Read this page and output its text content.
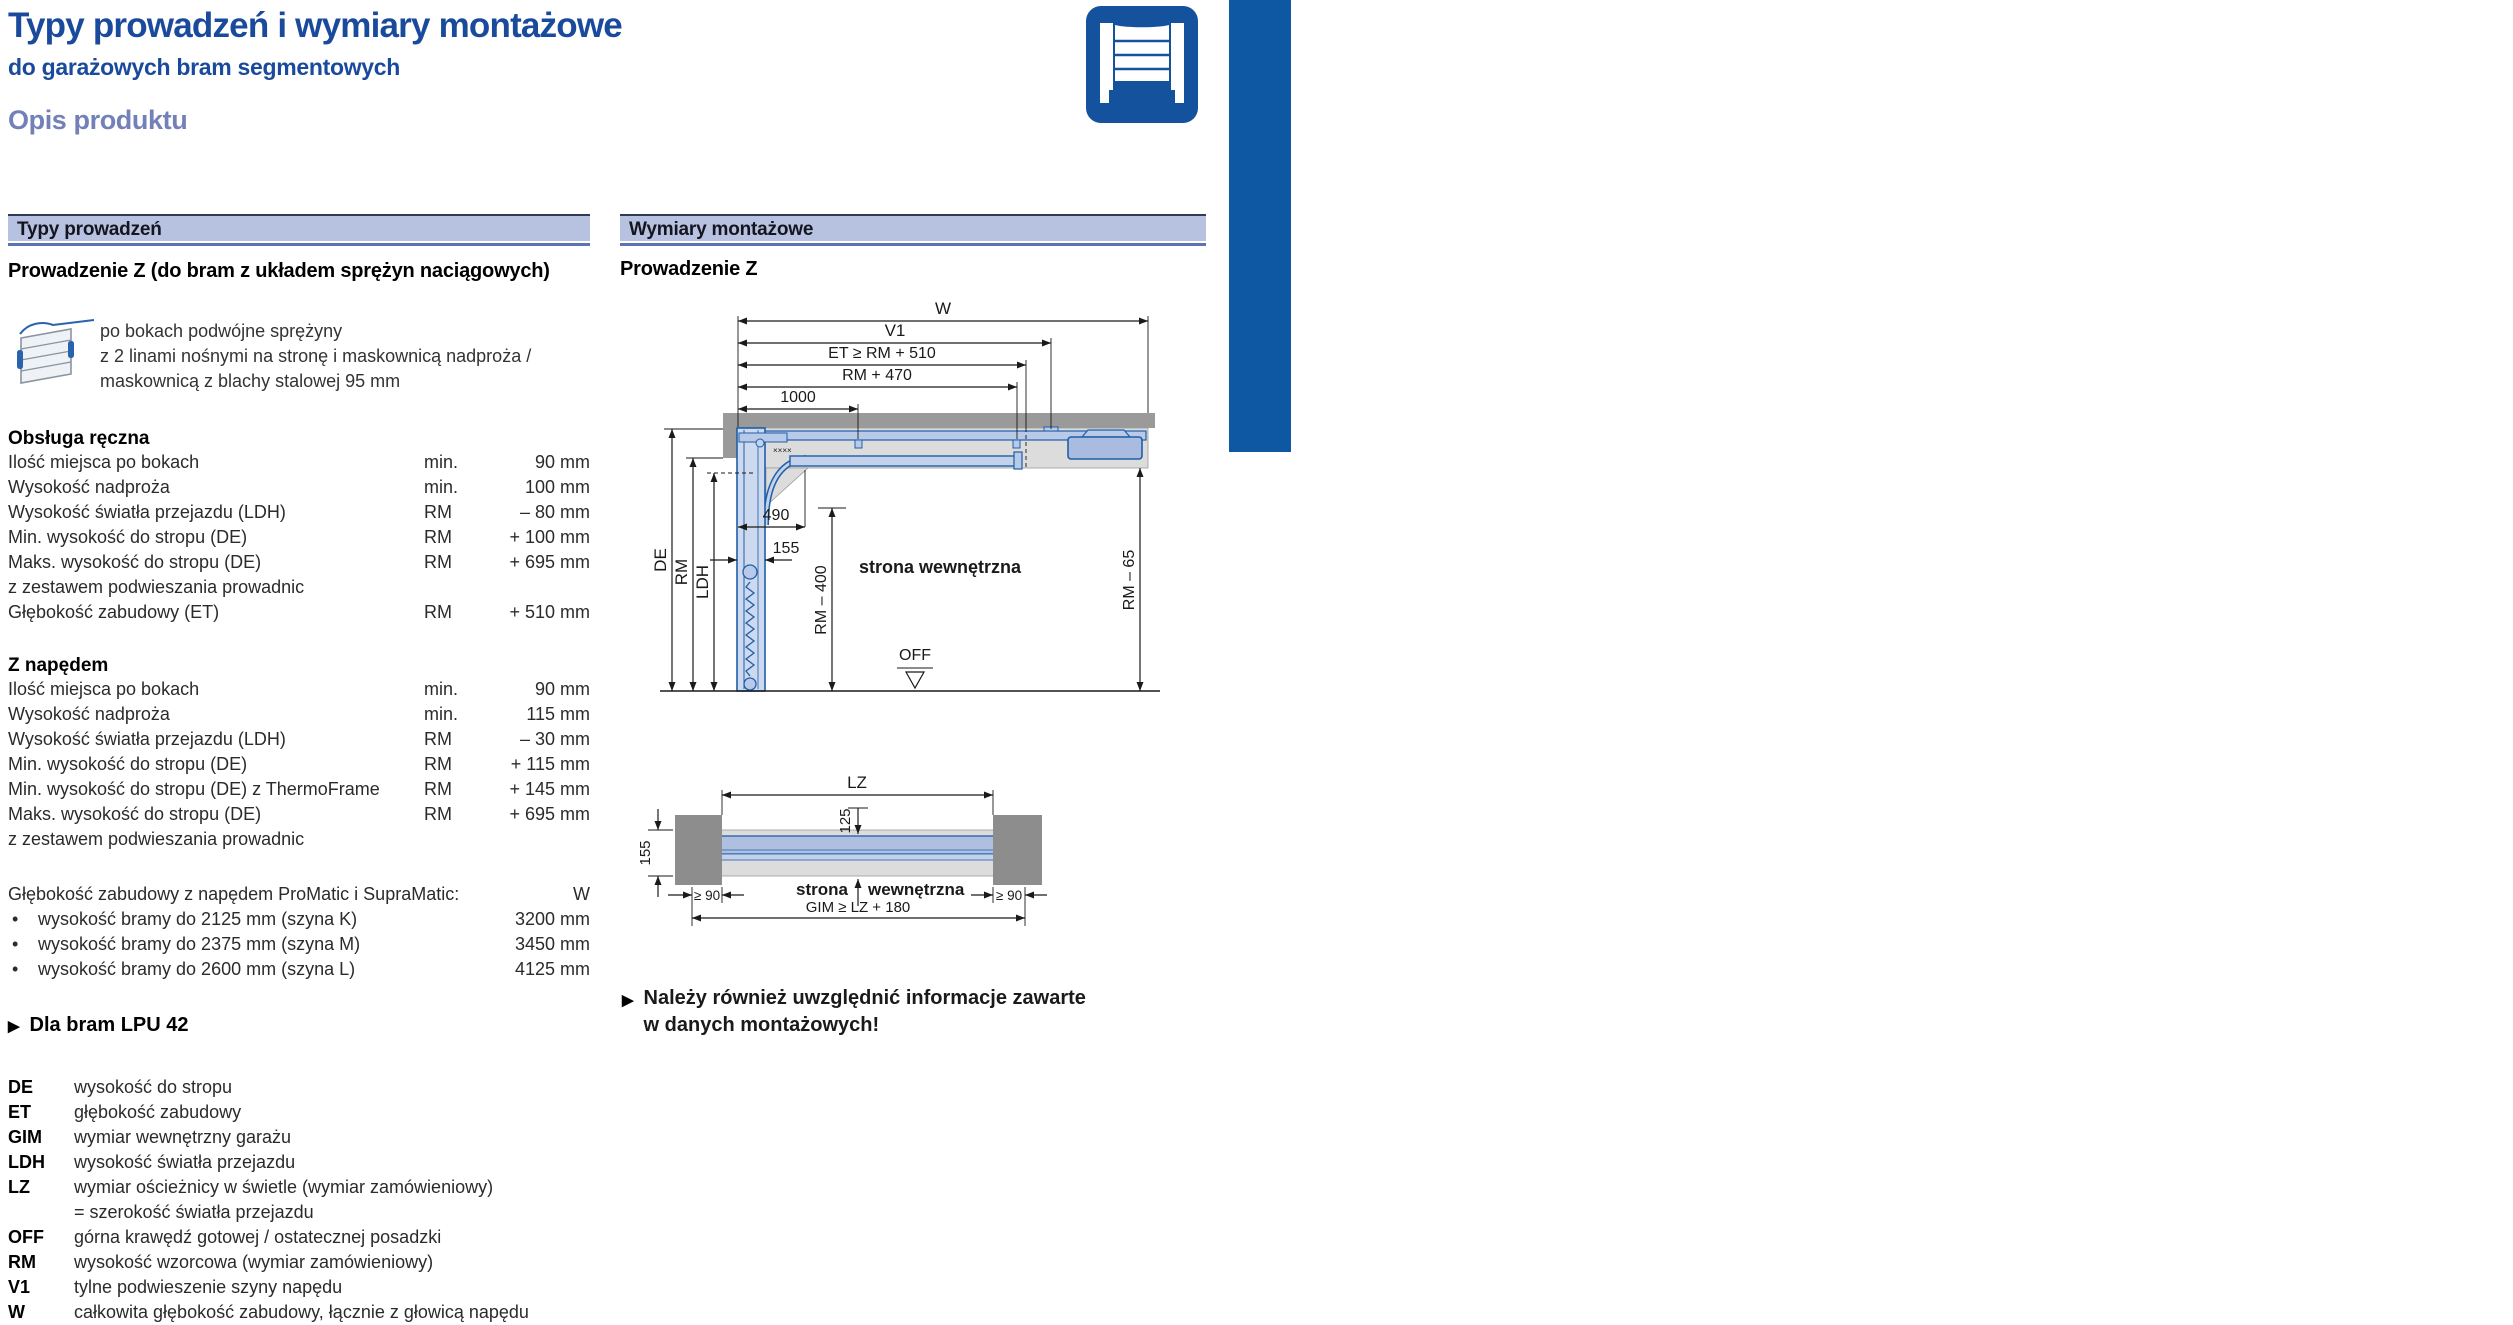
Typy prowadzeń i wymiary montażowe
do garażowych bram segmentowych
Opis produktu
Bramy segmentowe Grubość konstrukcji 42 mm
Typy prowadzeń
Prowadzenie Z (do bram z układem sprężyn naciągowych)
po bokach podwójne sprężyny
z 2 linami nośnymi na stronę i maskownicą nadproża /
maskownicą z blachy stalowej 95 mm
Obsługa ręczna
Ilość miejsca po bokach	min.	90 mm
Wysokość nadproża	min.	100 mm
Wysokość światła przejazdu (LDH)	RM	– 80 mm
Min. wysokość do stropu (DE)	RM	+ 100 mm
Maks. wysokość do stropu (DE)	RM	+ 695 mm
z zestawem podwieszania prowadnic
Głębokość zabudowy (ET)	RM	+ 510 mm
Z napędem
Ilość miejsca po bokach	min.	90 mm
Wysokość nadproża	min.	115 mm
Wysokość światła przejazdu (LDH)	RM	– 30 mm
Min. wysokość do stropu (DE)	RM	+ 115 mm
Min. wysokość do stropu (DE) z ThermoFrame	RM	+ 145 mm
Maks. wysokość do stropu (DE)	RM	+ 695 mm
z zestawem podwieszania prowadnic
Głębokość zabudowy z napędem ProMatic i SupraMatic:	W
•	wysokość bramy do 2125 mm (szyna K)	3200 mm
•	wysokość bramy do 2375 mm (szyna M)	3450 mm
•	wysokość bramy do 2600 mm (szyna L)	4125 mm
▶ Dla bram LPU 42
DE	wysokość do stropu
ET	głębokość zabudowy
GIM	wymiar wewnętrzny garażu
LDH	wysokość światła przejazdu
LZ	wymiar ościeżnicy w świetle (wymiar zamówieniowy)
= szerokość światła przejazdu
OFF	górna krawędź gotowej / ostatecznej posadzki
RM	wysokość wzorcowa (wymiar zamówieniowy)
V1	tylne podwieszenie szyny napędu
W	całkowita głębokość zabudowy, łącznie z głowicą napędu
Wymiary montażowe
Prowadzenie Z
××××
W
V1
ET ≥ RM + 510
RM + 470
1000
490
155
DE RM LDH	RM – 400	RM – 65
OFF
strona wewnętrzna
LZ
125
155
≥ 90	≥ 90
GIM ≥ LZ + 180
strona wewnętrzna
▶ Należy również uwzględnić informacje zawarte
w danych montażowych!
